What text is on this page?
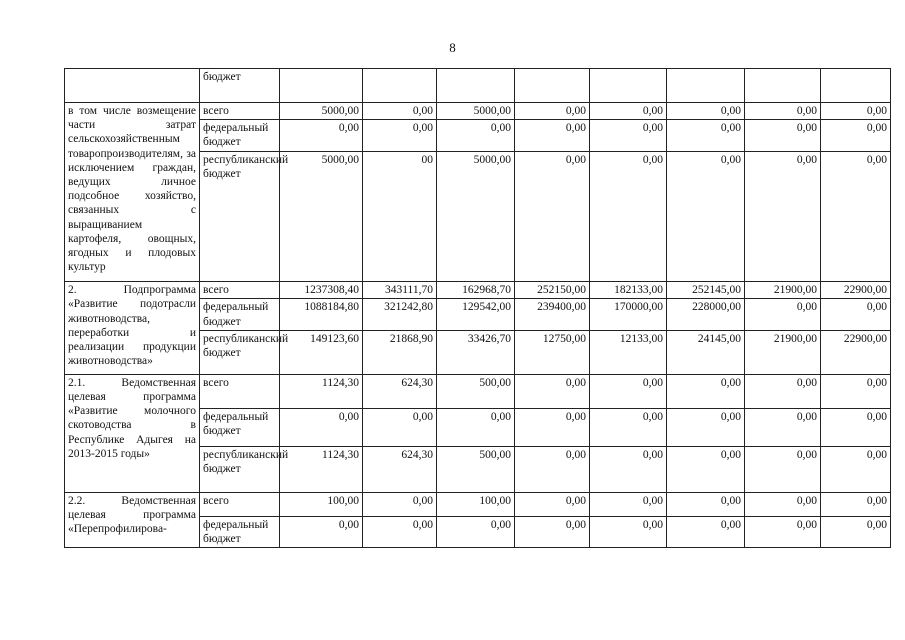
8
	бюджет								
в том числе возмещение части затрат сельскохозяйственным товаропроизводителям, за исключением граждан, ведущих личное подсобное хозяйство, связанных с выращиванием картофеля, овощных, ягодных и плодовых культур	всего	5000,00	0,00	5000,00	0,00	0,00	0,00	0,00	0,00
	федеральный бюджет	0,00	0,00	0,00	0,00	0,00	0,00	0,00	0,00
	республиканский бюджет	5000,00	00	5000,00	0,00	0,00	0,00	0,00	0,00
2. Подпрограмма «Развитие подотрасли животноводства, переработки и реализации продукции животноводства»	всего	1237308,40	343111,70	162968,70	252150,00	182133,00	252145,00	21900,00	22900,00
	федеральный бюджет	1088184,80	321242,80	129542,00	239400,00	170000,00	228000,00	0,00	0,00
	республиканский бюджет	149123,60	21868,90	33426,70	12750,00	12133,00	24145,00	21900,00	22900,00
2.1. Ведомственная целевая программа «Развитие молочного скотоводства в Республике Адыгея на 2013-2015 годы»	всего	1124,30	624,30	500,00	0,00	0,00	0,00	0,00	0,00
	федеральный бюджет	0,00	0,00	0,00	0,00	0,00	0,00	0,00	0,00
	республиканский бюджет	1124,30	624,30	500,00	0,00	0,00	0,00	0,00	0,00
2.2. Ведомственная целевая программа «Перепрофилирова-	всего	100,00	0,00	100,00	0,00	0,00	0,00	0,00	0,00
	федеральный бюджет	0,00	0,00	0,00	0,00	0,00	0,00	0,00	0,00
